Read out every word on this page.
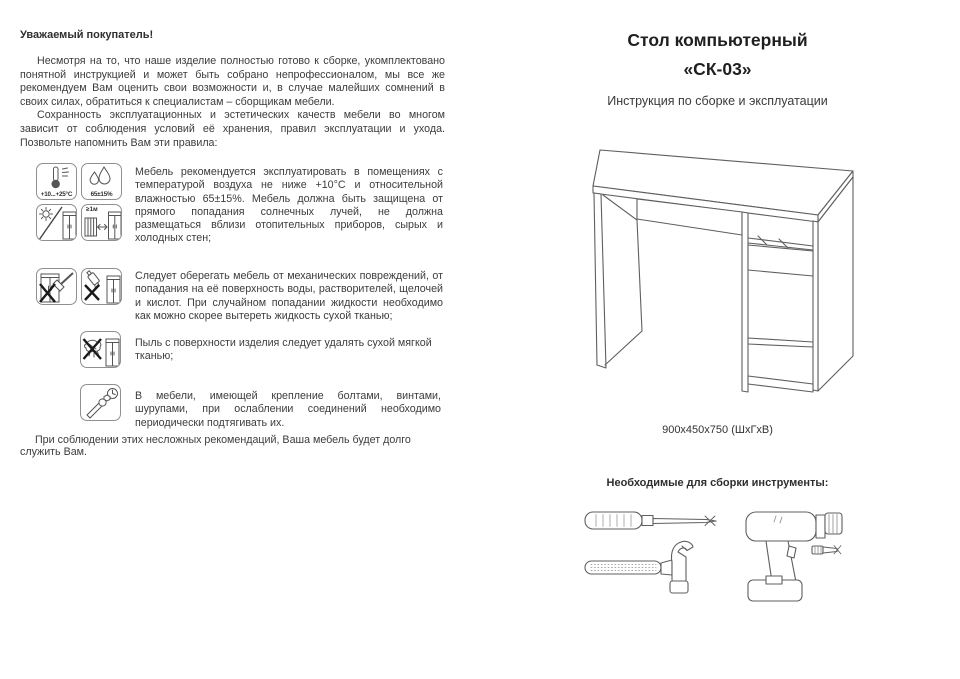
Уважаемый покупатель!

Несмотря на то, что наше изделие полностью готово к сборке, укомплектовано понятной инструкцией и может быть собрано непрофессионалом, мы все же рекомендуем Вам оценить свои возможности и, в случае малейших сомнений в своих силах, обратиться к специалистам – сборщикам мебели.

Сохранность эксплуатационных и эстетических качеств мебели во многом зависит от соблюдения условий её хранения, правил эксплуатации и ухода. Позвольте напомнить Вам эти правила:

+10...+25°С	65±15%
≥1м
Мебель рекомендуется эксплуатировать в помещениях с температурой воздуха не ниже +10°С и относительной влажностью 65±15%. Мебель должна быть защищена от прямого попадания солнечных лучей, не должна размещаться вблизи отопительных приборов, сырых и холодных стен;
Следует оберегать мебель от механических повреждений, от попадания на её поверхность воды, растворителей, щелочей и кислот. При случайном попадании жидкости необходимо как можно скорее вытереть жидкость сухой тканью;
Пыль с поверхности изделия следует удалять сухой мягкой тканью;
В мебели, имеющей крепление болтами, винтами, шурупами, при ослаблении соединений необходимо периодически подтягивать их.
При соблюдении этих несложных рекомендаций, Ваша мебель будет долго служить Вам.
Стол компьютерный
«СК-03»
Инструкция по сборке и эксплуатации
900х450х750 (ШхГхВ)
Необходимые для сборки инструменты:
